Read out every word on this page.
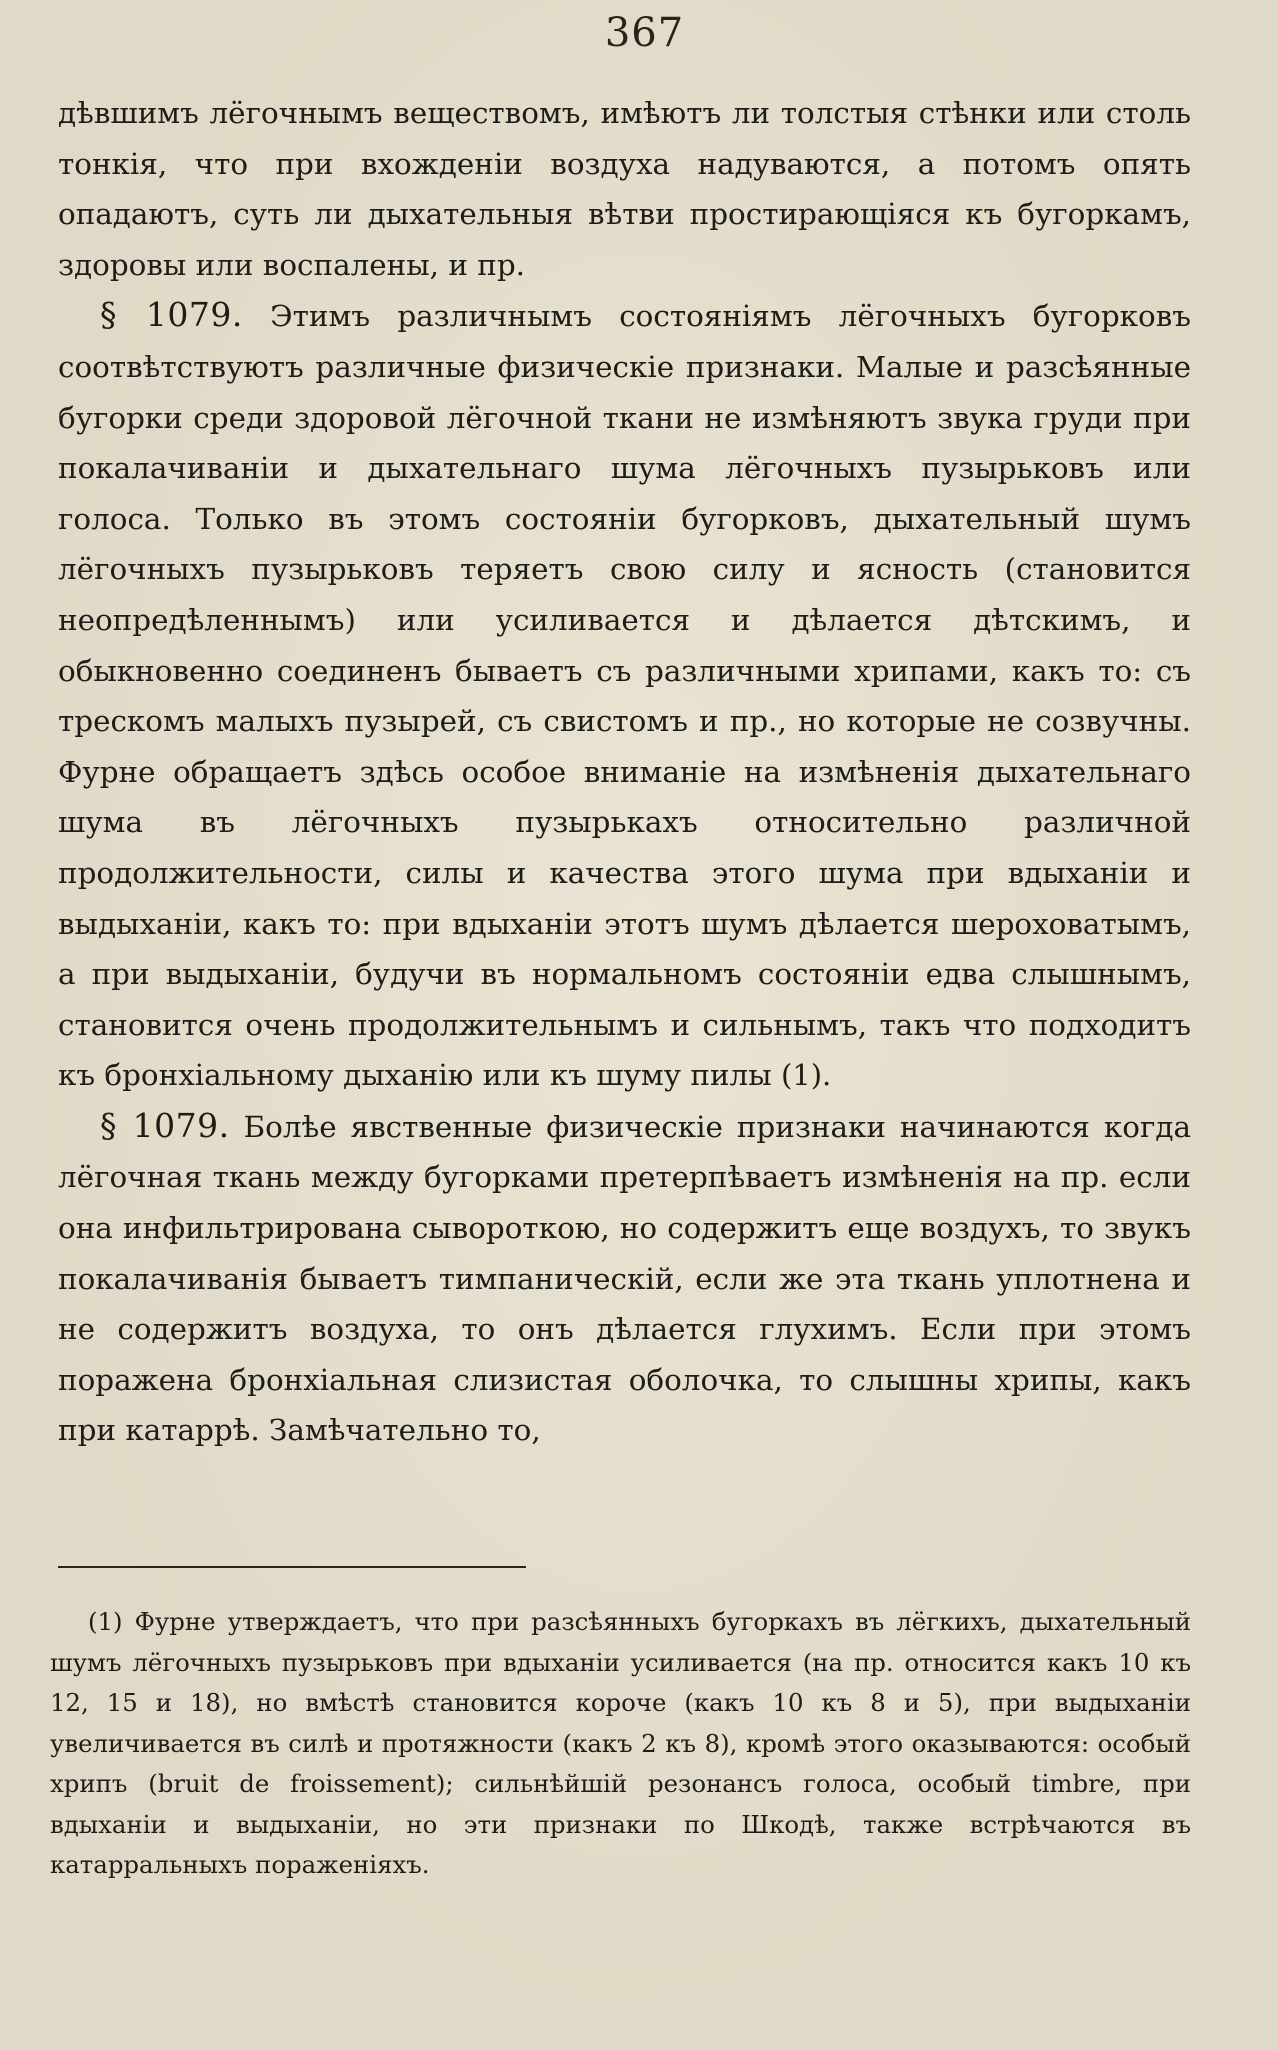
367

дѣвшимъ лёгочнымъ веществомъ, имѣютъ ли толстыя стѣнки или столь тонкія, что при вхожденіи воздуха надуваются, а потомъ опять опадаютъ, суть ли дыхательныя вѣтви простирающіяся къ бугоркамъ, здоровы или воспалены, и пр.

§ 1079. Этимъ различнымъ состояніямъ лёгочныхъ бугорковъ соотвѣтствуютъ различные физическіе признаки. Малые и разсѣянные бугорки среди здоровой лёгочной ткани не измѣняютъ звука груди при покалачиваніи и дыхательнаго шума лёгочныхъ пузырьковъ или голоса. Только въ этомъ состояніи бугорковъ, дыхательный шумъ лёгочныхъ пузырьковъ теряетъ свою силу и ясность (становится неопредѣленнымъ) или усиливается и дѣлается дѣтскимъ, и обыкновенно соединенъ бываетъ съ различными хрипами, какъ то: съ трескомъ малыхъ пузырей, съ свистомъ и пр., но которые не созвучны. Фурне обращаетъ здѣсь особое вниманіе на измѣненія дыхательнаго шума въ лёгочныхъ пузырькахъ относительно различной продолжительности, силы и качества этого шума при вдыханіи и выдыханіи, какъ то: при вдыханіи этотъ шумъ дѣлается шероховатымъ, а при выдыханіи, будучи въ нормальномъ состояніи едва слышнымъ, становится очень продолжительнымъ и сильнымъ, такъ что подходитъ къ бронхіальному дыханію или къ шуму пилы (1).

§ 1079. Болѣе явственные физическіе признаки начинаются когда лёгочная ткань между бугорками претерпѣваетъ измѣненія на пр. если она инфильтрирована сывороткою, но содержитъ еще воздухъ, то звукъ покалачиванія бываетъ тимпаническій, если же эта ткань уплотнена и не содержитъ воздуха, то онъ дѣлается глухимъ. Если при этомъ поражена бронхіальная слизистая оболочка, то слышны хрипы, какъ при катаррѣ. Замѣчательно то,

(1) Фурне утверждаетъ, что при разсѣянныхъ бугоркахъ въ лёгкихъ, дыхательный шумъ лёгочныхъ пузырьковъ при вдыханіи усиливается (на пр. относится какъ 10 къ 12, 15 и 18), но вмѣстѣ становится короче (какъ 10 къ 8 и 5), при выдыханіи увеличивается въ силѣ и протяжности (какъ 2 къ 8), кромѣ этого оказываются: особый хрипъ (bruit de froissement); сильнѣйшій резонансъ голоса, особый timbre, при вдыханіи и выдыханіи, но эти признаки по Шкодѣ, также встрѣчаются въ катарральныхъ пораженіяхъ.
